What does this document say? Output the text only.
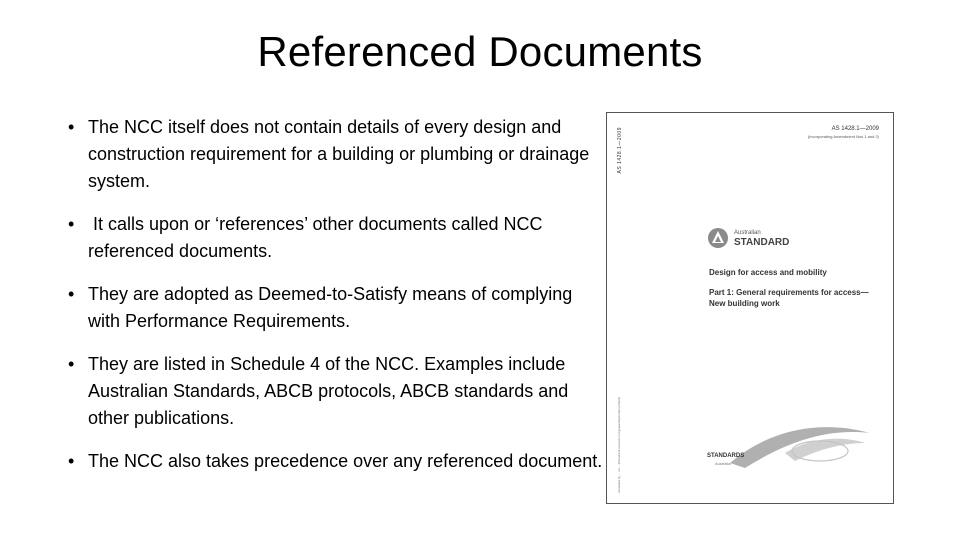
Referenced Documents
• The NCC itself does not contain details of every design and construction requirement for a building or plumbing or drainage system.
• It calls upon or ‘references’ other documents called NCC referenced documents.
• They are adopted as Deemed-to-Satisfy means of complying with Performance Requirements.
• They are listed in Schedule 4 of the NCC. Examples include Australian Standards, ABCB protocols, ABCB standards and other publications.
• The NCC also takes precedence over any referenced document.
AS 1428.1—2009
Accessed by ... on ... (Document currency not guaranteed when printed)
AS 1428.1—2009
(Incorporating Amendment Nos 1 and 2)
Australian
STANDARD
Design for access and mobility
Part 1: General requirements for access—New building work
STANDARDS
Australia
